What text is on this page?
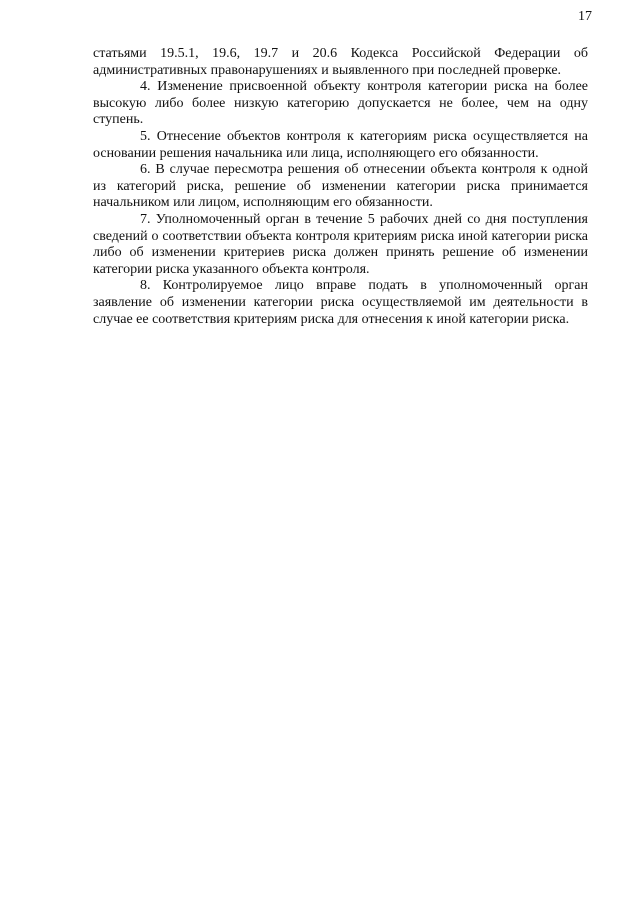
17

статьями 19.5.1, 19.6, 19.7 и 20.6 Кодекса Российской Федерации об административных правонарушениях и выявленного при последней проверке.

4. Изменение присвоенной объекту контроля категории риска на более высокую либо более низкую категорию допускается не более, чем на одну ступень.

5. Отнесение объектов контроля к категориям риска осуществляется на основании решения начальника или лица, исполняющего его обязанности.

6. В случае пересмотра решения об отнесении объекта контроля к одной из категорий риска, решение об изменении категории риска принимается начальником или лицом, исполняющим его обязанности.

7. Уполномоченный орган в течение 5 рабочих дней со дня поступления сведений о соответствии объекта контроля критериям риска иной категории риска либо об изменении критериев риска должен принять решение об изменении категории риска указанного объекта контроля.

8. Контролируемое лицо вправе подать в уполномоченный орган заявление об изменении категории риска осуществляемой им деятельности в случае ее соответствия критериям риска для отнесения к иной категории риска.
